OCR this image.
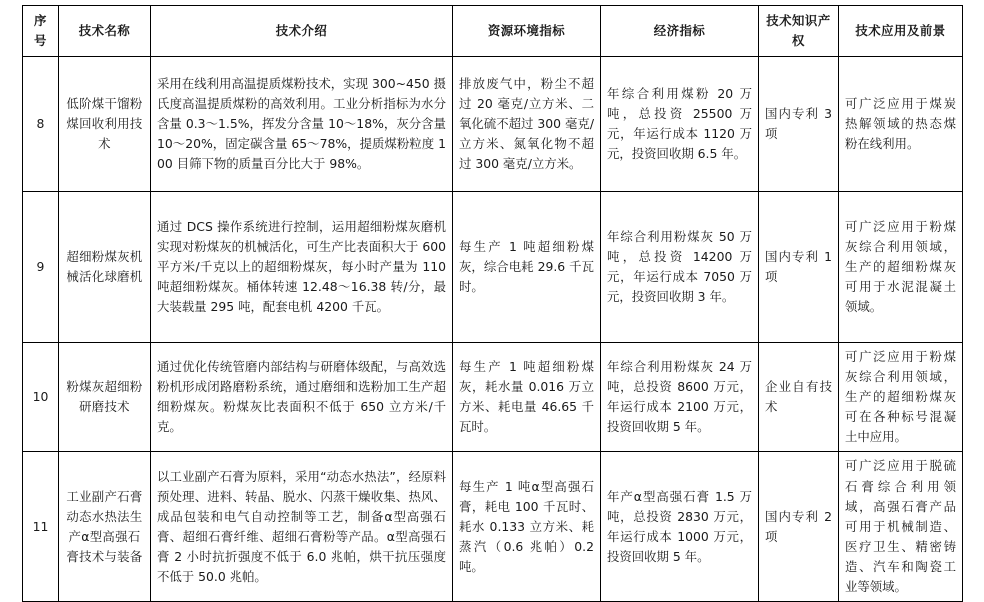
序号	技术名称	技术介绍	资源环境指标	经济指标	技术知识产权	技术应用及前景
8	低阶煤干馏粉煤回收利用技术	采用在线利用高温提质煤粉技术，实现 300~450 摄氏度高温提质煤粉的高效利用。工业分析指标为水分含量 0.3～1.5%，挥发分含量 10～18%，灰分含量 10～20%，固定碳含量 65～78%，提质煤粉粒度 100 目筛下物的质量百分比大于 98%。	排放废气中，粉尘不超过 20 毫克/立方米、二氧化硫不超过 300 毫克/立方米、氮氧化物不超过 300 毫克/立方米。	年综合利用煤粉 20 万吨，总投资 25500 万元，年运行成本 1120 万元，投资回收期 6.5 年。	国内专利 3 项	可广泛应用于煤炭热解领域的热态煤粉在线利用。
9	超细粉煤灰机械活化球磨机	通过 DCS 操作系统进行控制，运用超细粉煤灰磨机实现对粉煤灰的机械活化，可生产比表面积大于 600 平方米/千克以上的超细粉煤灰，每小时产量为 110 吨超细粉煤灰。桶体转速 12.48～16.38 转/分，最大装载量 295 吨，配套电机 4200 千瓦。	每生产 1 吨超细粉煤灰，综合电耗 29.6 千瓦时。	年综合利用粉煤灰 50 万吨，总投资 14200 万元，年运行成本 7050 万元，投资回收期 3 年。	国内专利 1 项	可广泛应用于粉煤灰综合利用领域，生产的超细粉煤灰可用于水泥混凝土领域。
10	粉煤灰超细粉研磨技术	通过优化传统管磨内部结构与研磨体级配，与高效选粉机形成闭路磨粉系统，通过磨细和选粉加工生产超细粉煤灰。粉煤灰比表面积不低于 650 立方米/千克。	每生产 1 吨超细粉煤灰，耗水量 0.016 万立方米、耗电量 46.65 千瓦时。	年综合利用粉煤灰 24 万吨，总投资 8600 万元，年运行成本 2100 万元，投资回收期 5 年。	企业自有技术	可广泛应用于粉煤灰综合利用领域，生产的超细粉煤灰可在各种标号混凝土中应用。
11	工业副产石膏动态水热法生产α型高强石膏技术与装备	以工业副产石膏为原料，采用“动态水热法”，经原料预处理、进料、转晶、脱水、闪蒸干燥收集、热风、成品包装和电气自动控制等工艺，制备α型高强石膏、超细石膏纤维、超细石膏粉等产品。α型高强石膏 2 小时抗折强度不低于 6.0 兆帕，烘干抗压强度不低于 50.0 兆帕。	每生产 1 吨α型高强石膏，耗电 100 千瓦时、耗水 0.133 立方米、耗蒸汽（0.6 兆帕）0.2 吨。	年产α型高强石膏 1.5 万吨，总投资 2830 万元，年运行成本 1000 万元，投资回收期 5 年。	国内专利 2 项	可广泛应用于脱硫石膏综合利用领域，高强石膏产品可用于机械制造、医疗卫生、精密铸造、汽车和陶瓷工业等领域。
